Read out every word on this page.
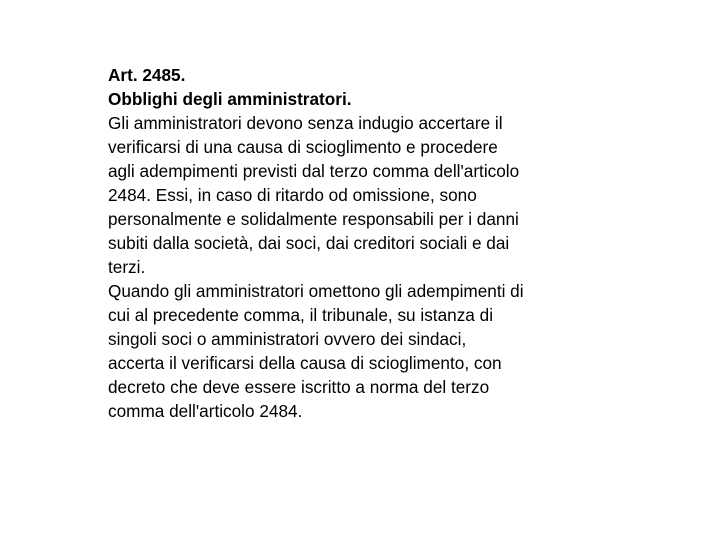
Art. 2485.
Obblighi degli amministratori.
Gli amministratori devono senza indugio accertare il
verificarsi di una causa di scioglimento e procedere
agli adempimenti previsti dal terzo comma dell'articolo
2484. Essi, in caso di ritardo od omissione, sono
personalmente e solidalmente responsabili per i danni
subiti dalla società, dai soci, dai creditori sociali e dai
terzi.
Quando gli amministratori omettono gli adempimenti di
cui al precedente comma, il tribunale, su istanza di
singoli soci o amministratori ovvero dei sindaci,
accerta il verificarsi della causa di scioglimento, con
decreto che deve essere iscritto a norma del terzo
comma dell'articolo 2484.
